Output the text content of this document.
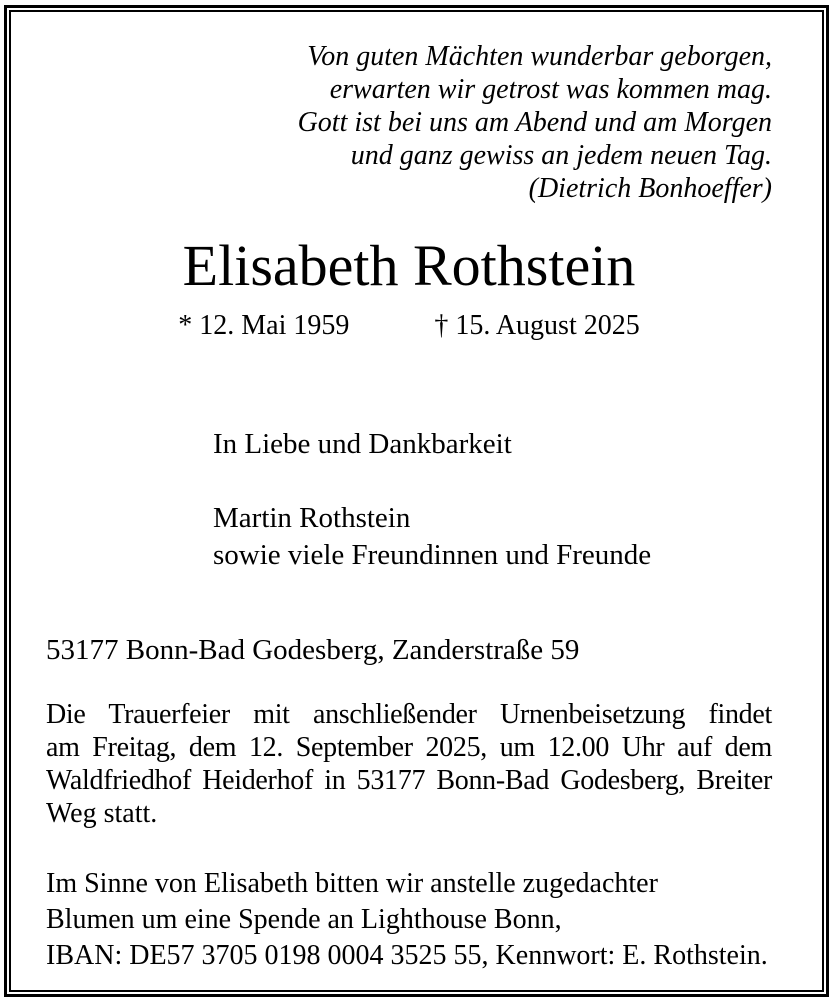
Von guten Mächten wunderbar geborgen,
erwarten wir getrost was kommen mag.
Gott ist bei uns am Abend und am Morgen
und ganz gewiss an jedem neuen Tag.
(Dietrich Bonhoeffer)
Elisabeth Rothstein
* 12. Mai 1959	† 15. August 2025
In Liebe und Dankbarkeit
Martin Rothstein
sowie viele Freundinnen und Freunde
53177 Bonn-Bad Godesberg, Zanderstraße 59
Die Trauerfeier mit anschließender Urnenbeisetzung findet
am Freitag, dem 12. September 2025, um 12.00 Uhr auf dem
Waldfriedhof Heiderhof in 53177 Bonn-Bad Godesberg, Breiter
Weg statt.
Im Sinne von Elisabeth bitten wir anstelle zugedachter
Blumen um eine Spende an Lighthouse Bonn,
IBAN: DE57 3705 0198 0004 3525 55, Kennwort: E. Rothstein.
